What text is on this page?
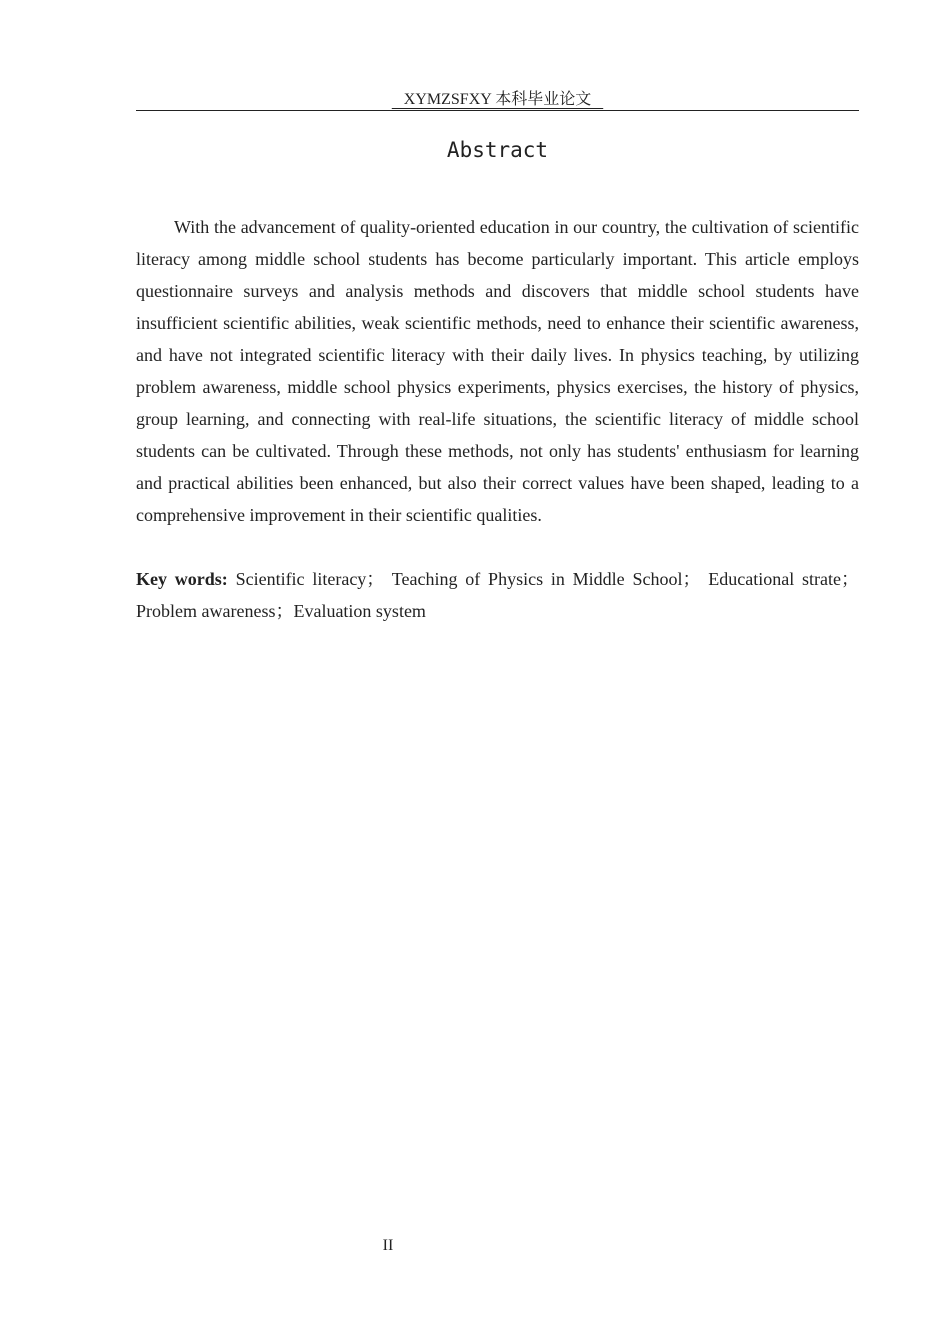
XYMZSFXY 本科毕业论文
Abstract

With the advancement of quality-oriented education in our country, the cultivation of scientific literacy among middle school students has become particularly important. This article employs questionnaire surveys and analysis methods and discovers that middle school students have insufficient scientific abilities, weak scientific methods, need to enhance their scientific awareness, and have not integrated scientific literacy with their daily lives. In physics teaching, by utilizing problem awareness, middle school physics experiments, physics exercises, the history of physics, group learning, and connecting with real-life situations, the scientific literacy of middle school students can be cultivated. Through these methods, not only has students' enthusiasm for learning and practical abilities been enhanced, but also their correct values have been shaped, leading to a comprehensive improvement in their scientific qualities.

Key words: Scientific literacy； Teaching of Physics in Middle School； Educational strate； Problem awareness；Evaluation system

II
